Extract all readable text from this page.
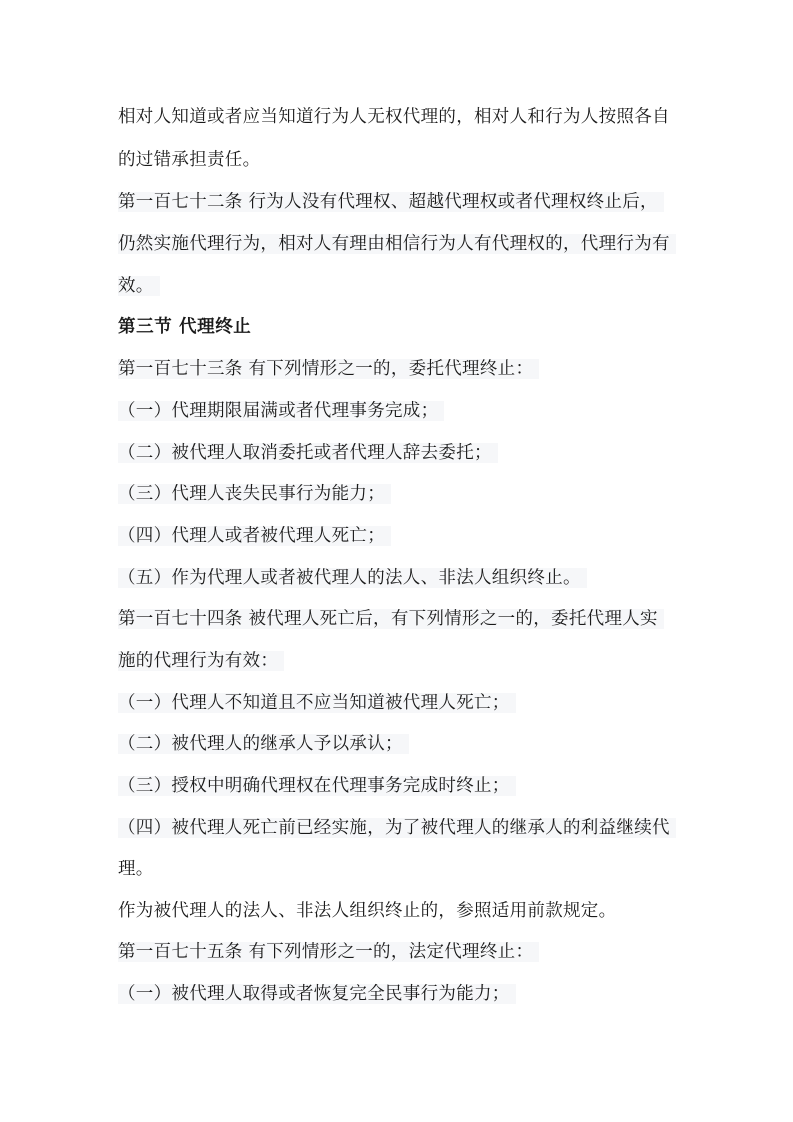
相对人知道或者应当知道行为人无权代理的，相对人和行为人按照各自
的过错承担责任。
第一百七十二条 行为人没有代理权、超越代理权或者代理权终止后，
仍然实施代理行为，相对人有理由相信行为人有代理权的，代理行为有
效。
第三节 代理终止
第一百七十三条 有下列情形之一的，委托代理终止：
（一）代理期限届满或者代理事务完成；
（二）被代理人取消委托或者代理人辞去委托；
（三）代理人丧失民事行为能力；
（四）代理人或者被代理人死亡；
（五）作为代理人或者被代理人的法人、非法人组织终止。
第一百七十四条 被代理人死亡后，有下列情形之一的，委托代理人实
施的代理行为有效：
（一）代理人不知道且不应当知道被代理人死亡；
（二）被代理人的继承人予以承认；
（三）授权中明确代理权在代理事务完成时终止；
（四）被代理人死亡前已经实施，为了被代理人的继承人的利益继续代
理。
作为被代理人的法人、非法人组织终止的，参照适用前款规定。
第一百七十五条 有下列情形之一的，法定代理终止：
（一）被代理人取得或者恢复完全民事行为能力；
